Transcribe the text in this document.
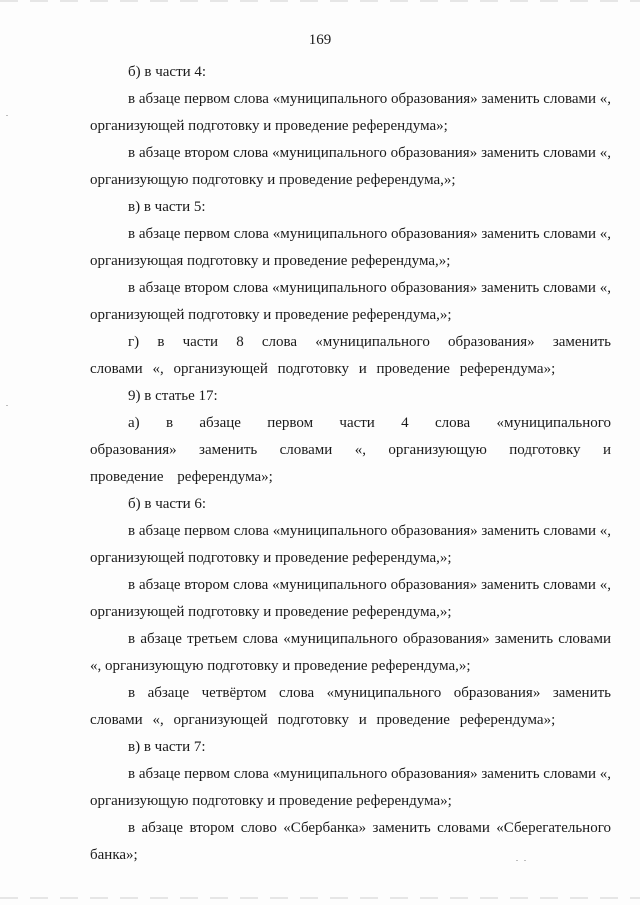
169

б) в части 4:

в абзаце первом слова «муниципального образования» заменить словами «, организующей подготовку и проведение референдума»;

в абзаце втором слова «муниципального образования» заменить словами «, организующую подготовку и проведение референдума,»;

в) в части 5:

в абзаце первом слова «муниципального образования» заменить словами «, организующая подготовку и проведение референдума,»;

в абзаце втором слова «муниципального образования» заменить словами «, организующей подготовку и проведение референдума,»;

г) в части 8 слова «муниципального образования» заменить словами «, организующей подготовку и проведение референдума»;

9) в статье 17:

а) в абзаце первом части 4 слова «муниципального образования» заменить словами «, организующую подготовку и проведение референдума»;

б) в части 6:

в абзаце первом слова «муниципального образования» заменить словами «, организующей подготовку и проведение референдума,»;

в абзаце втором слова «муниципального образования» заменить словами «, организующей подготовку и проведение референдума,»;

в абзаце третьем слова «муниципального образования» заменить словами «, организующую подготовку и проведение референдума,»;

в абзаце четвёртом слова «муниципального образования» заменить словами «, организующей подготовку и проведение референдума»;

в) в части 7:

в абзаце первом слова «муниципального образования» заменить словами «, организующую подготовку и проведение референдума»;

в абзаце втором слово «Сбербанка» заменить словами «Сберегательного банка»;
